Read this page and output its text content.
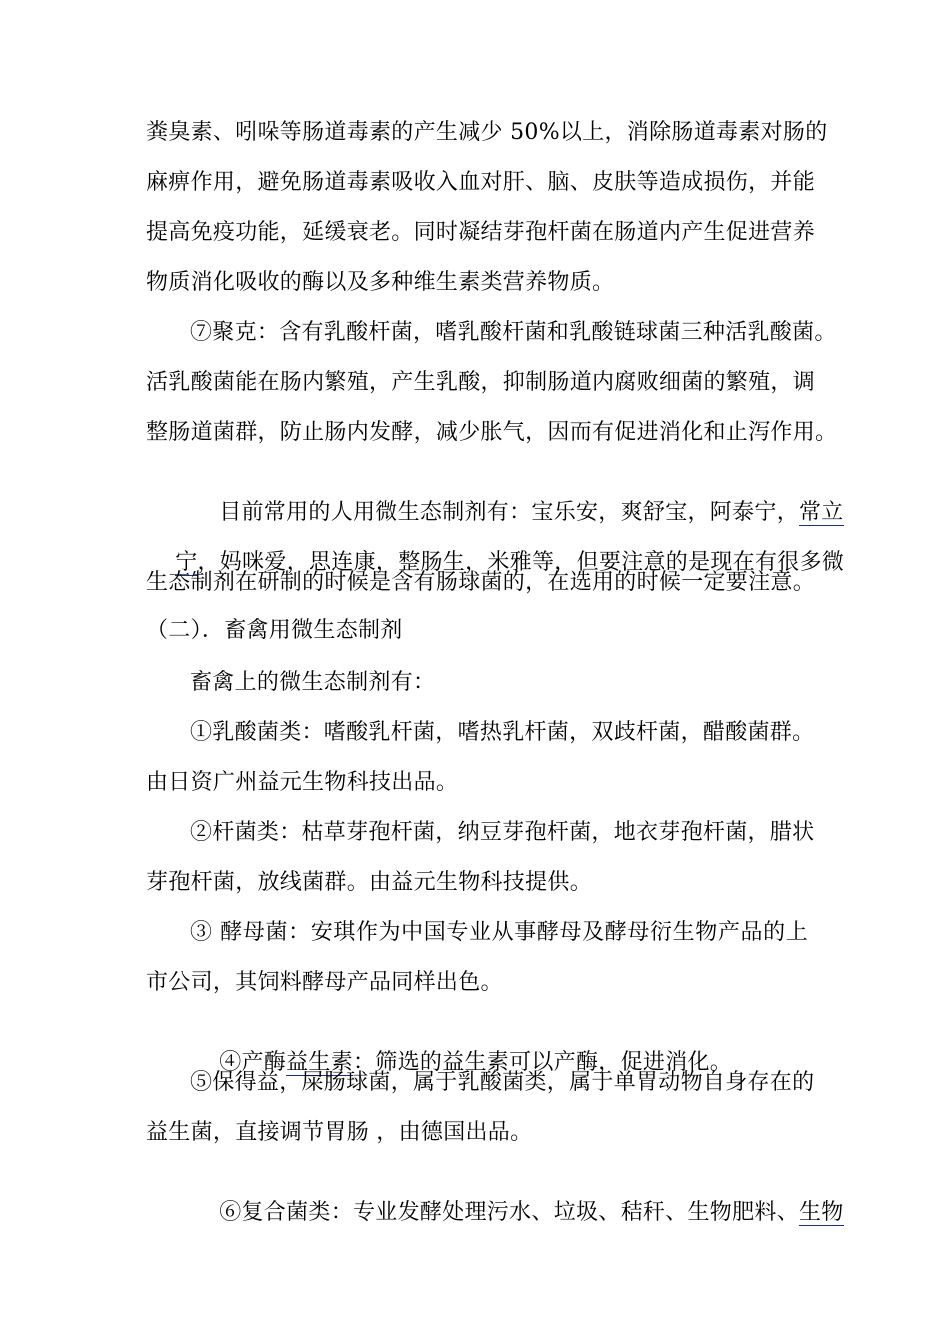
粪臭素、吲哚等肠道毒素的产生减少 50%以上，消除肠道毒素对肠的
麻痹作用，避免肠道毒素吸收入血对肝、脑、皮肤等造成损伤，并能
提高免疫功能，延缓衰老。同时凝结芽孢杆菌在肠道内产生促进营养
物质消化吸收的酶以及多种维生素类营养物质。
⑦聚克：含有乳酸杆菌，嗜乳酸杆菌和乳酸链球菌三种活乳酸菌。
活乳酸菌能在肠内繁殖，产生乳酸，抑制肠道内腐败细菌的繁殖，调
整肠道菌群，防止肠内发酵，减少胀气，因而有促进消化和止泻作用。

目前常用的人用微生态制剂有：宝乐安，爽舒宝，阿泰宁，常立

宁，妈咪爱，思连康，整肠生，米雅等，但要注意的是现在有很多微

生态制剂在研制的时候是含有肠球菌的，在选用的时候一定要注意。
（二）．畜禽用微生态制剂
畜禽上的微生态制剂有：
①乳酸菌类：嗜酸乳杆菌，嗜热乳杆菌，双歧杆菌，醋酸菌群。
由日资广州益元生物科技出品。
②杆菌类：枯草芽孢杆菌，纳豆芽孢杆菌，地衣芽孢杆菌，腊状
芽孢杆菌，放线菌群。由益元生物科技提供。
③ 酵母菌：安琪作为中国专业从事酵母及酵母衍生物产品的上
市公司，其饲料酵母产品同样出色。

④产酶益生素：筛选的益生素可以产酶，促进消化。

⑤保得益，屎肠球菌，属于乳酸菌类，属于单胃动物自身存在的
益生菌，直接调节胃肠 ，由德国出品。

⑥复合菌类：专业发酵处理污水、垃圾、秸秆、生物肥料、生物
